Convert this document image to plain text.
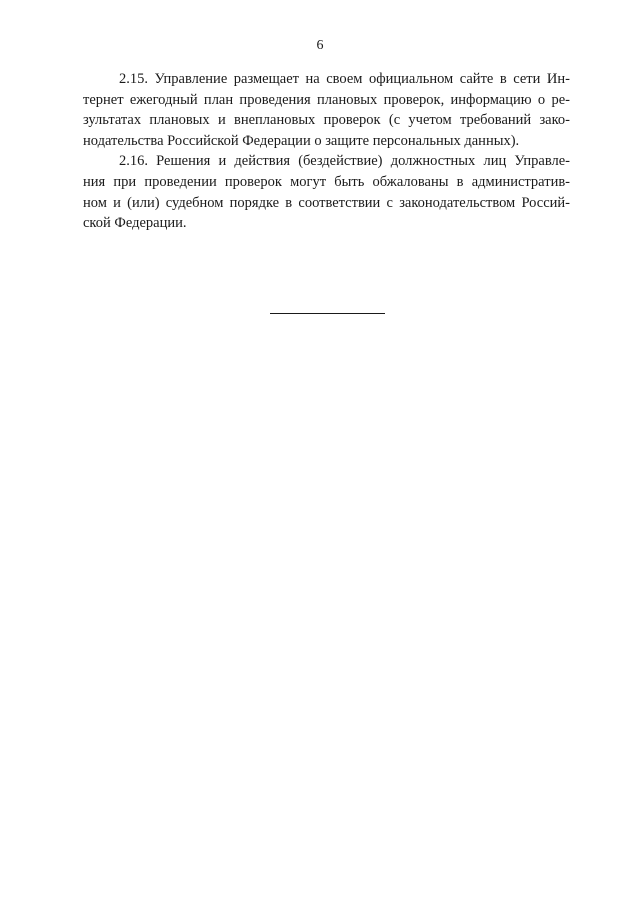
6
2.15. Управление размещает на своем официальном сайте в сети Ин-
тернет ежегодный план проведения плановых проверок, информацию о ре-
зультатах плановых и внеплановых проверок (с учетом требований зако-
нодательства Российской Федерации о защите персональных данных).
2.16. Решения и действия (бездействие) должностных лиц Управле-
ния при проведении проверок могут быть обжалованы в административ-
ном и (или) судебном порядке в соответствии с законодательством Россий-
ской Федерации.
